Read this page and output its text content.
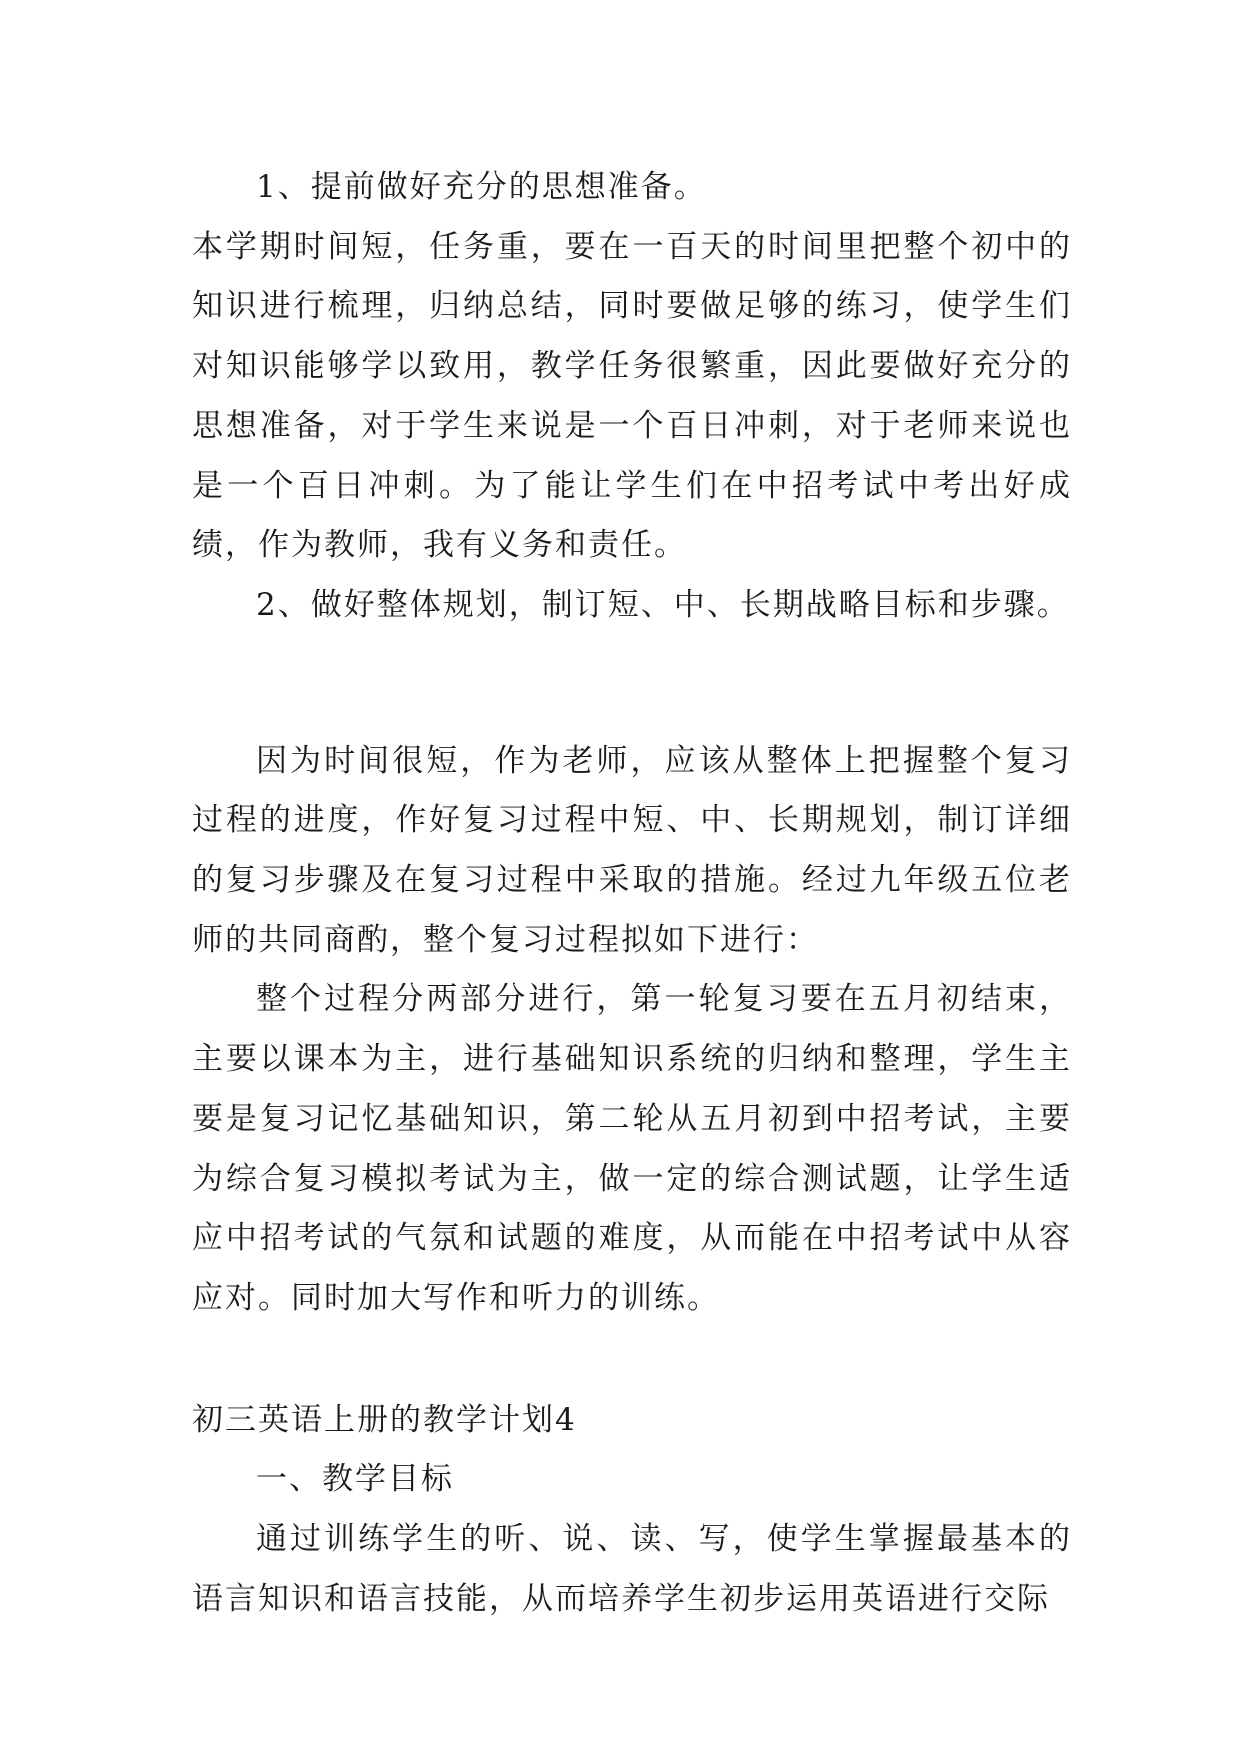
1、提前做好充分的思想准备。

本学期时间短，任务重，要在一百天的时间里把整个初中的知识进行梳理，归纳总结，同时要做足够的练习，使学生们对知识能够学以致用，教学任务很繁重，因此要做好充分的思想准备，对于学生来说是一个百日冲刺，对于老师来说也是一个百日冲刺。为了能让学生们在中招考试中考出好成绩，作为教师，我有义务和责任。

2、做好整体规划，制订短、中、长期战略目标和步骤。

因为时间很短，作为老师，应该从整体上把握整个复习过程的进度，作好复习过程中短、中、长期规划，制订详细的复习步骤及在复习过程中采取的措施。经过九年级五位老师的共同商酌，整个复习过程拟如下进行：

整个过程分两部分进行，第一轮复习要在五月初结束，主要以课本为主，进行基础知识系统的归纳和整理，学生主要是复习记忆基础知识，第二轮从五月初到中招考试，主要为综合复习模拟考试为主，做一定的综合测试题，让学生适应中招考试的气氛和试题的难度，从而能在中招考试中从容应对。同时加大写作和听力的训练。

初三英语上册的教学计划4

一、教学目标

通过训练学生的听、说、读、写，使学生掌握最基本的语言知识和语言技能，从而培养学生初步运用英语进行交际
